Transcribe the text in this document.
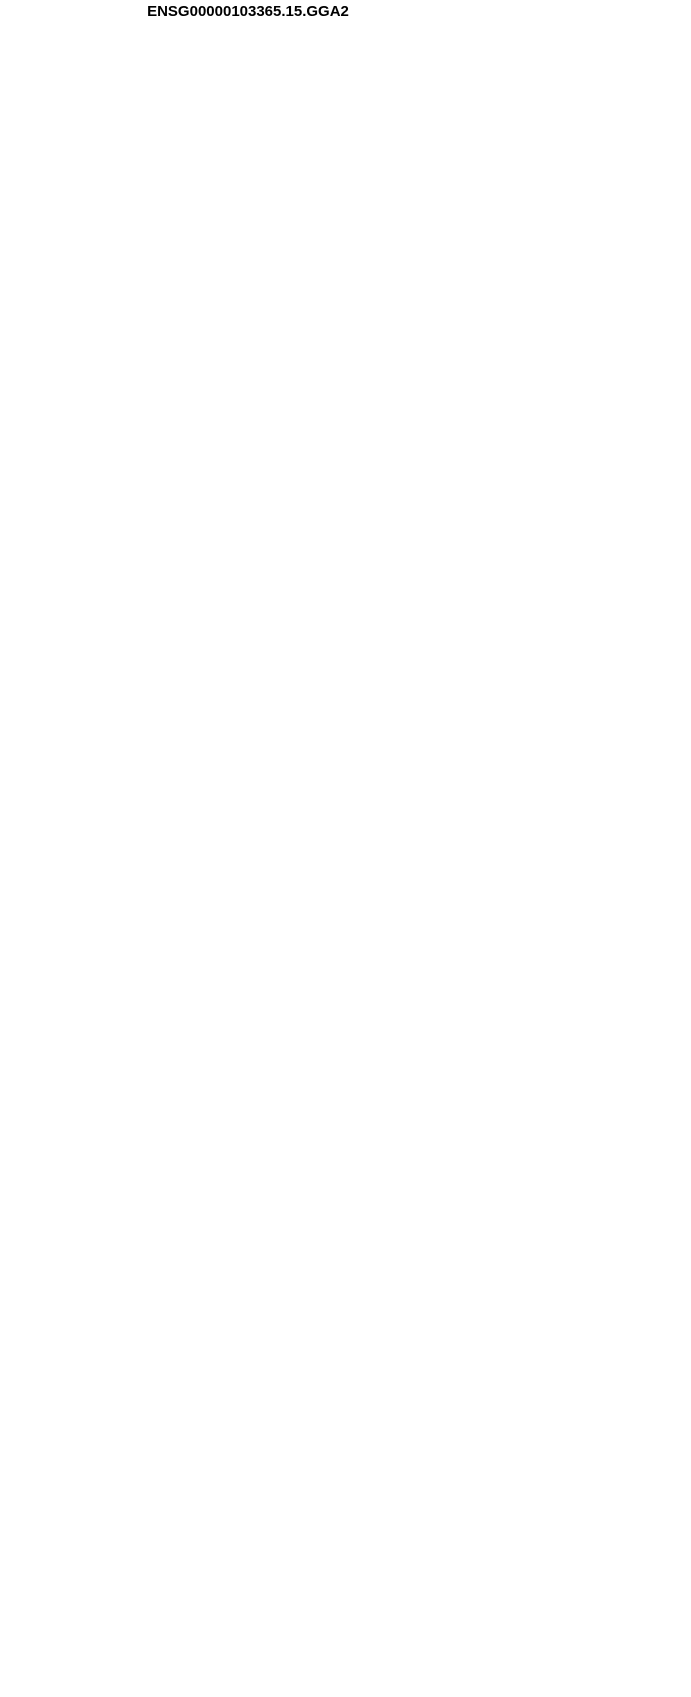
ENSG00000103365.15.GGA2
